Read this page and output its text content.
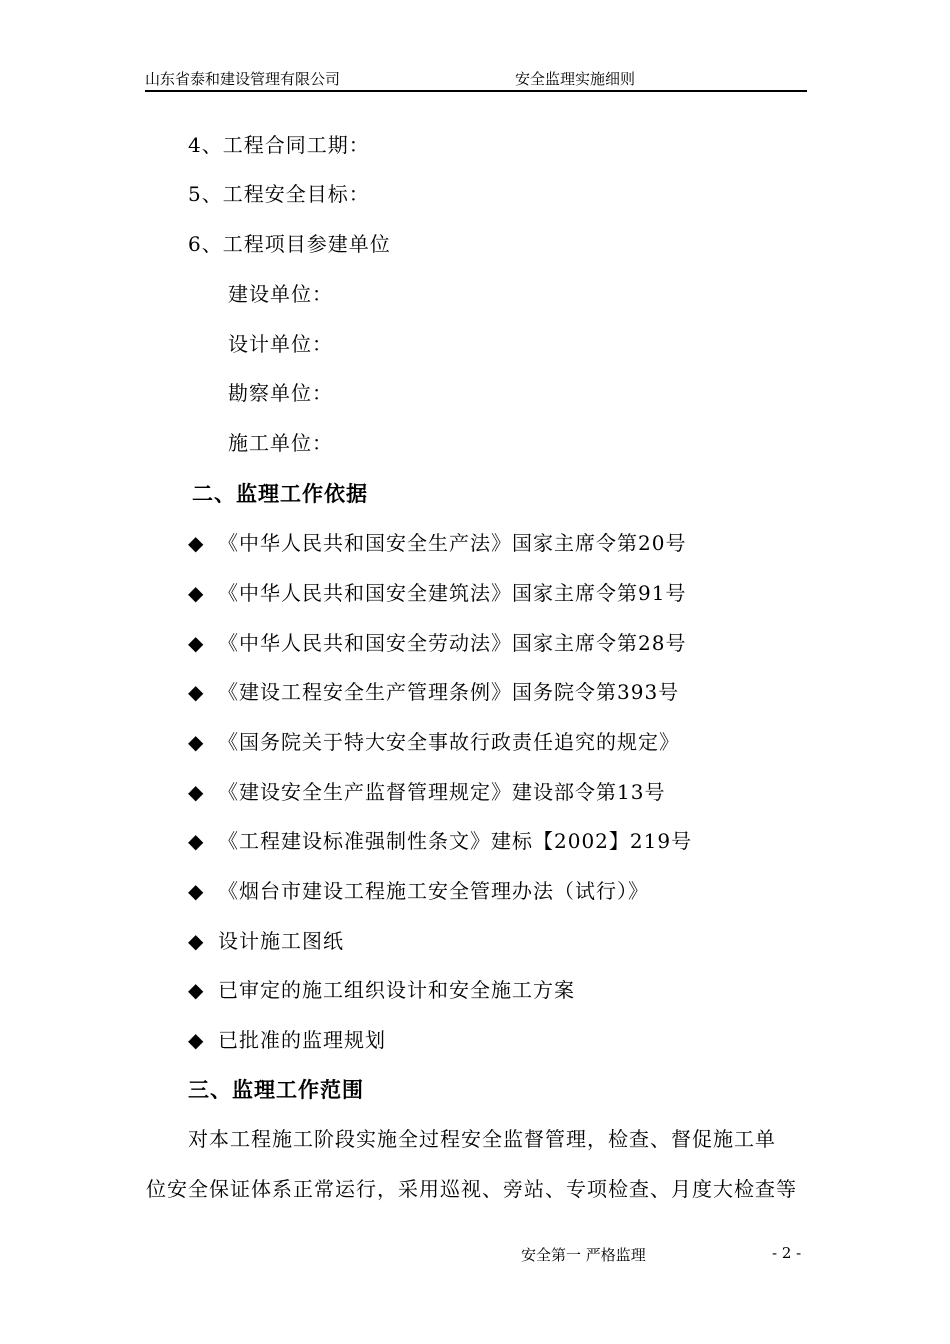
山东省泰和建设管理有限公司	安全监理实施细则
4、工程合同工期：
5、工程安全目标：
6、工程项目参建单位
建设单位：
设计单位：
勘察单位：
施工单位：
二、监理工作依据
◆ 《中华人民共和国安全生产法》国家主席令第20号
◆ 《中华人民共和国安全建筑法》国家主席令第91号
◆ 《中华人民共和国安全劳动法》国家主席令第28号
◆ 《建设工程安全生产管理条例》国务院令第393号
◆ 《国务院关于特大安全事故行政责任追究的规定》
◆ 《建设安全生产监督管理规定》建设部令第13号
◆ 《工程建设标准强制性条文》建标【2002】219号
◆ 《烟台市建设工程施工安全管理办法（试行）》
◆ 设计施工图纸
◆ 已审定的施工组织设计和安全施工方案
◆ 已批准的监理规划
三、监理工作范围
对本工程施工阶段实施全过程安全监督管理，检查、督促施工单
位安全保证体系正常运行，采用巡视、旁站、专项检查、月度大检查等
安全第一 严格监理	- 2 -
